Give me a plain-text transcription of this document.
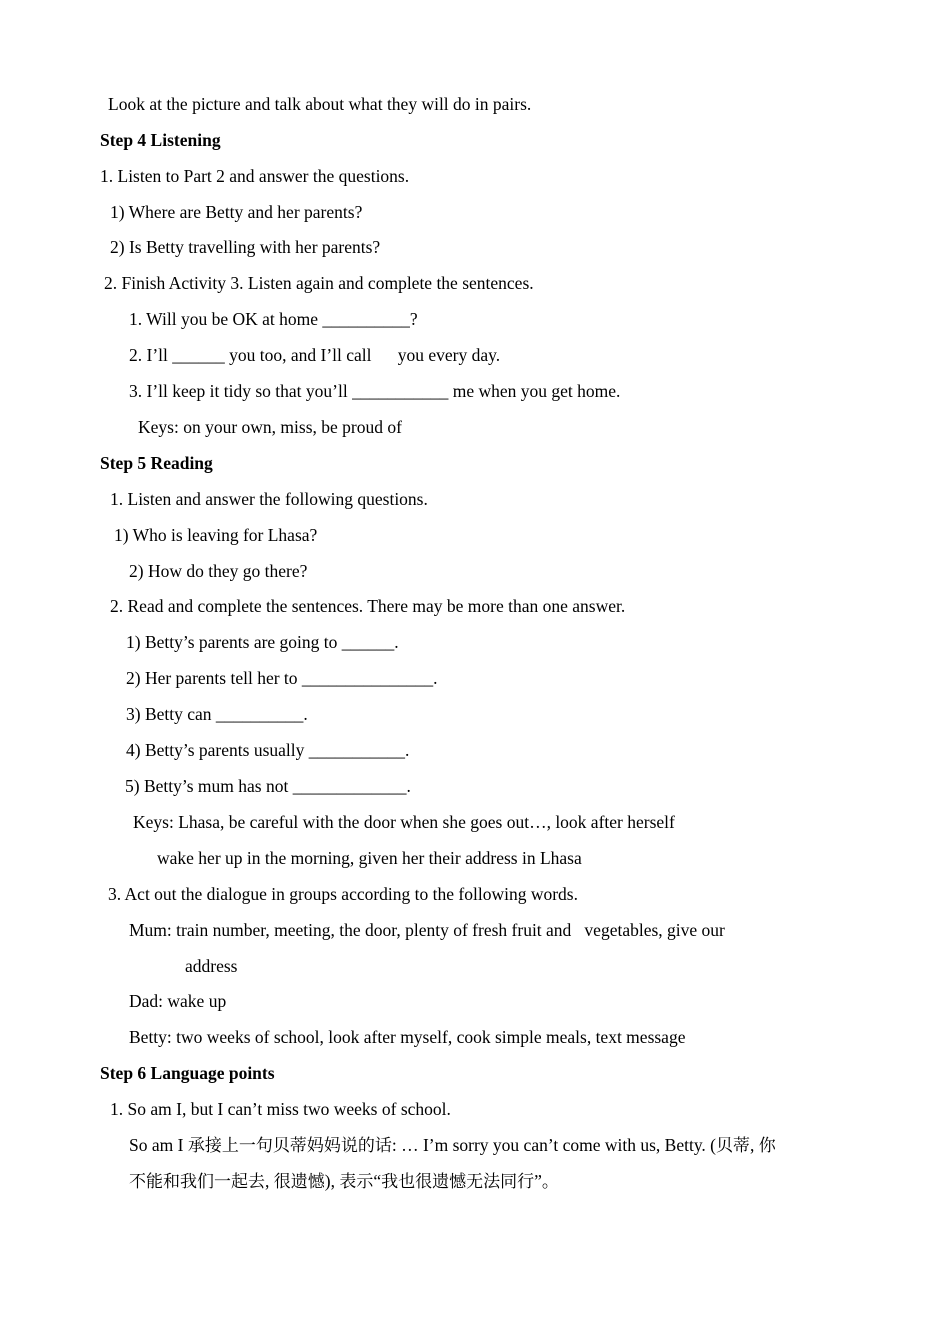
Look at the picture and talk about what they will do in pairs.
Step 4 Listening
1. Listen to Part 2 and answer the questions.
1) Where are Betty and her parents?
2) Is Betty travelling with her parents?
2. Finish Activity 3. Listen again and complete the sentences.
1. Will you be OK at home __________?
2. I’ll ______ you too, and I’ll call      you every day.
3. I’ll keep it tidy so that you’ll ___________ me when you get home.
Keys: on your own, miss, be proud of
Step 5 Reading
1. Listen and answer the following questions.
1) Who is leaving for Lhasa?
2) How do they go there?
2. Read and complete the sentences. There may be more than one answer.
1) Betty’s parents are going to ______.
2) Her parents tell her to _______________.
3) Betty can __________.
4) Betty’s parents usually ___________.
5) Betty’s mum has not _____________.
Keys: Lhasa, be careful with the door when she goes out…, look after herself
wake her up in the morning, given her their address in Lhasa
3. Act out the dialogue in groups according to the following words.
Mum: train number, meeting, the door, plenty of fresh fruit and   vegetables, give our
address
Dad: wake up
Betty: two weeks of school, look after myself, cook simple meals, text message
Step 6 Language points
1. So am I, but I can’t miss two weeks of school.
So am I 承接上一句贝蒂妈妈说的话: … I’m sorry you can’t come with us, Betty. (贝蒂, 你
不能和我们一起去, 很遗憾), 表示“我也很遗憾无法同行”。
